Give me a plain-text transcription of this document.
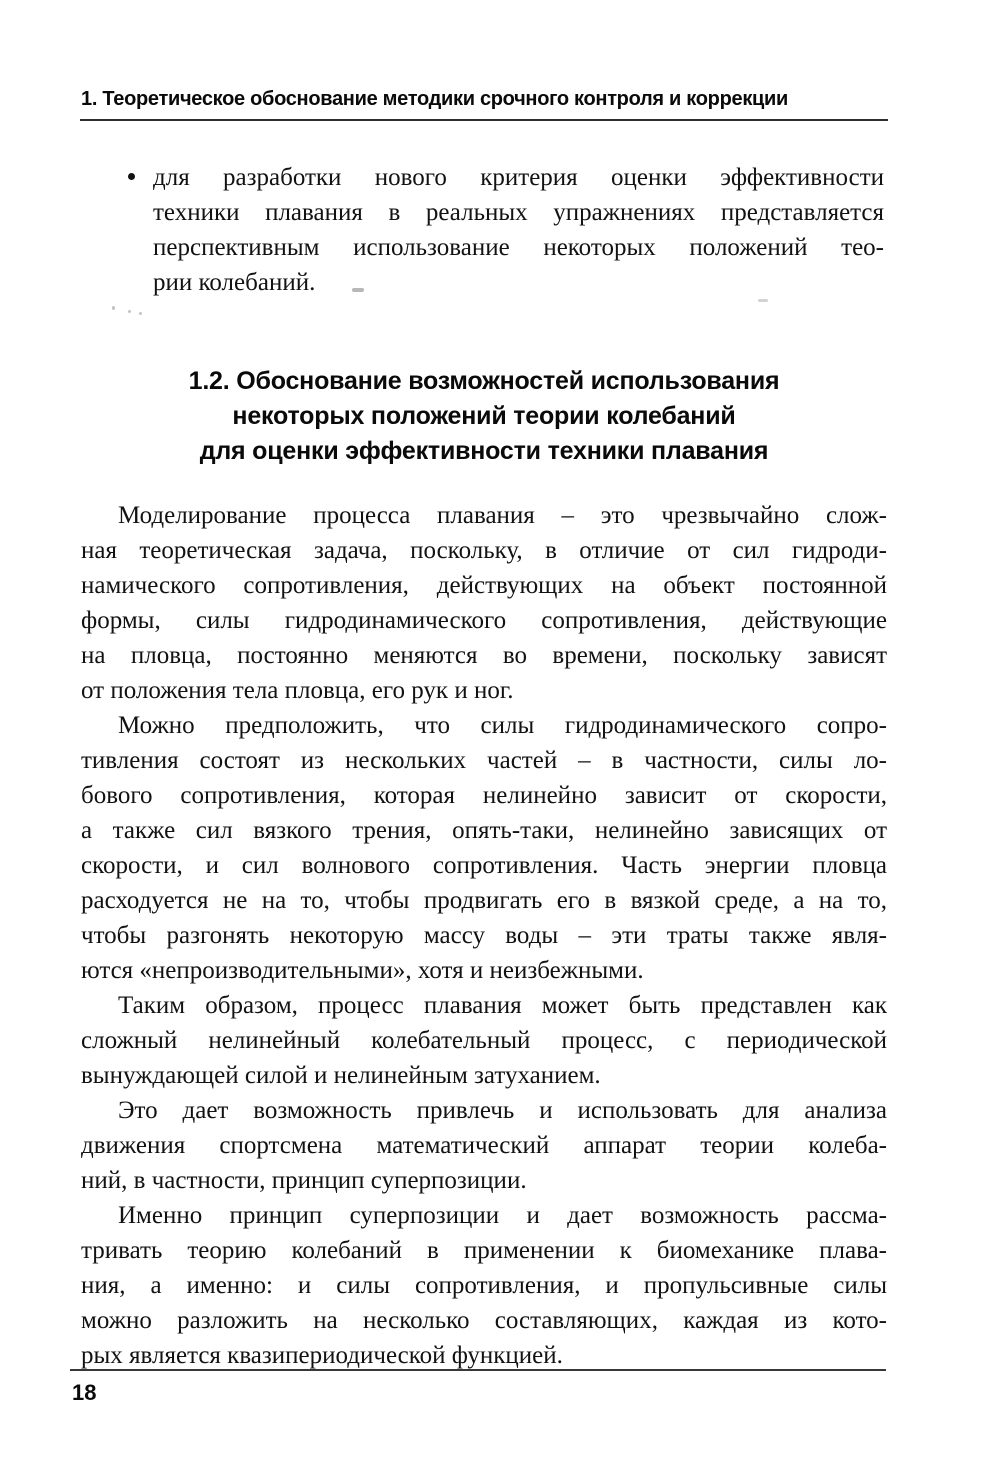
1. Теоретическое обоснование методики срочного контроля и коррекции
для разработки нового критерия оценки эффективности
техники плавания в реальных упражнениях представляется
перспективным использование некоторых положений тео-
рии колебаний.
1.2. Обоснование возможностей использования
некоторых положений теории колебаний
для оценки эффективности техники плавания
Моделирование процесса плавания – это чрезвычайно слож-
ная теоретическая задача, поскольку, в отличие от сил гидроди-
намического сопротивления, действующих на объект постоянной
формы, силы гидродинамического сопротивления, действующие
на пловца, постоянно меняются во времени, поскольку зависят
от положения тела пловца, его рук и ног.
Можно предположить, что силы гидродинамического сопро-
тивления состоят из нескольких частей – в частности, силы ло-
бового сопротивления, которая нелинейно зависит от скорости,
а также сил вязкого трения, опять-таки, нелинейно зависящих от
скорости, и сил волнового сопротивления. Часть энергии пловца
расходуется не на то, чтобы продвигать его в вязкой среде, а на то,
чтобы разгонять некоторую массу воды – эти траты также явля-
ются «непроизводительными», хотя и неизбежными.
Таким образом, процесс плавания может быть представлен как
сложный нелинейный колебательный процесс, с периодической
вынуждающей силой и нелинейным затуханием.
Это дает возможность привлечь и использовать для анализа
движения спортсмена математический аппарат теории колеба-
ний, в частности, принцип суперпозиции.
Именно принцип суперпозиции и дает возможность рассма-
тривать теорию колебаний в применении к биомеханике плава-
ния, а именно: и силы сопротивления, и пропульсивные силы
можно разложить на несколько составляющих, каждая из кото-
рых является квазипериодической функцией.
18
